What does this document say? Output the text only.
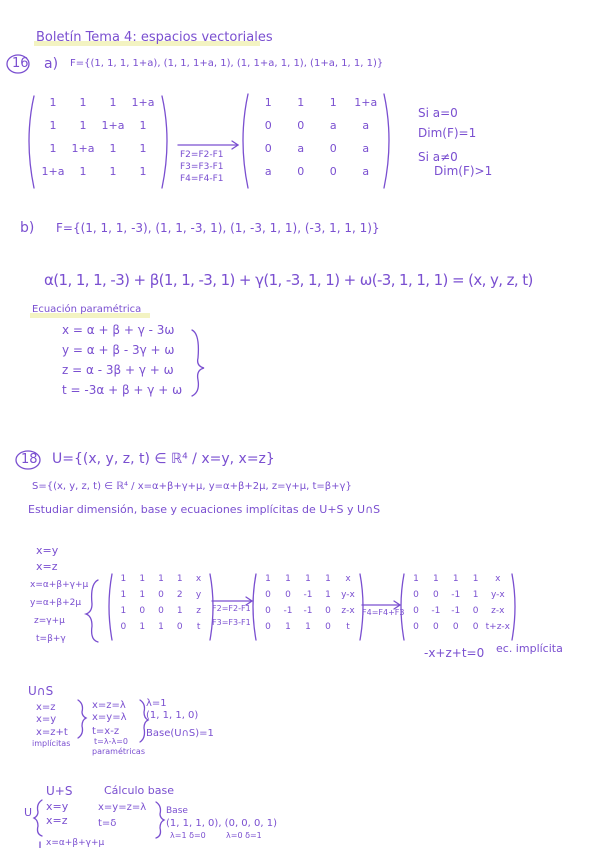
Boletín Tema 4: espacios vectoriales
16 a) F={(1, 1, 1, 1+a), (1, 1, 1+a, 1), (1, 1+a, 1, 1), (1+a, 1, 1, 1)}
1	1	1	1+a
1	1	1+a	1
1	1+a	1	1
1+a	1	1	1
F2=F2-F1
F3=F3-F1
F4=F4-F1
1	1	1	1+a
0	0	a	a
0	a	0	a
a	0	0	a
Si a=0
Dim(F)=1
Si a≠0
Dim(F)>1
b) F={(1, 1, 1, -3), (1, 1, -3, 1), (1, -3, 1, 1), (-3, 1, 1, 1)}
α(1, 1, 1, -3) + β(1, 1, -3, 1) + γ(1, -3, 1, 1) + ω(-3, 1, 1, 1) = (x, y, z, t)
Ecuación paramétrica
x = α + β + γ - 3ω
y = α + β - 3γ + ω
z = α - 3β + γ + ω
t = -3α + β + γ + ω
18 U={(x, y, z, t) ∈ ℝ⁴ / x=y, x=z}
S={(x, y, z, t) ∈ ℝ⁴ / x=α+β+γ+μ, y=α+β+2μ, z=γ+μ, t=β+γ}
Estudiar dimensión, base y ecuaciones implícitas de U+S y U∩S
x=y
x=z
x=α+β+γ+μ
y=α+β+2μ
z=γ+μ
t=β+γ
1	1	1	1	x
1	1	0	2	y
1	0	0	1	z
0	1	1	0	t
F2=F2-F1
F3=F3-F1
1	1	1	1	x
0	0	-1	1	y-x
0	-1	-1	0	z-x
0	1	1	0	t
F4=F4+F3
1	1	1	1	x
0	0	-1	1	y-x
0	-1	-1	0	z-x
0	0	0	0 t+z-x
-x+z+t=0 ec. implícita
U∩S
x=z
x=y
x=z+t
implícitas
x=z=λ
x=y=λ
t=x-z
t=λ-λ=0
paramétricas
λ=1
(1, 1, 1, 0)
Base(U∩S)=1
U+S	Cálculo base
U x=y
x=z
x=y=z=λ
t=δ
Base
(1, 1, 1, 0), (0, 0, 0, 1)
λ=1 δ=0	λ=0 δ=1
x=α+β+γ+μ
